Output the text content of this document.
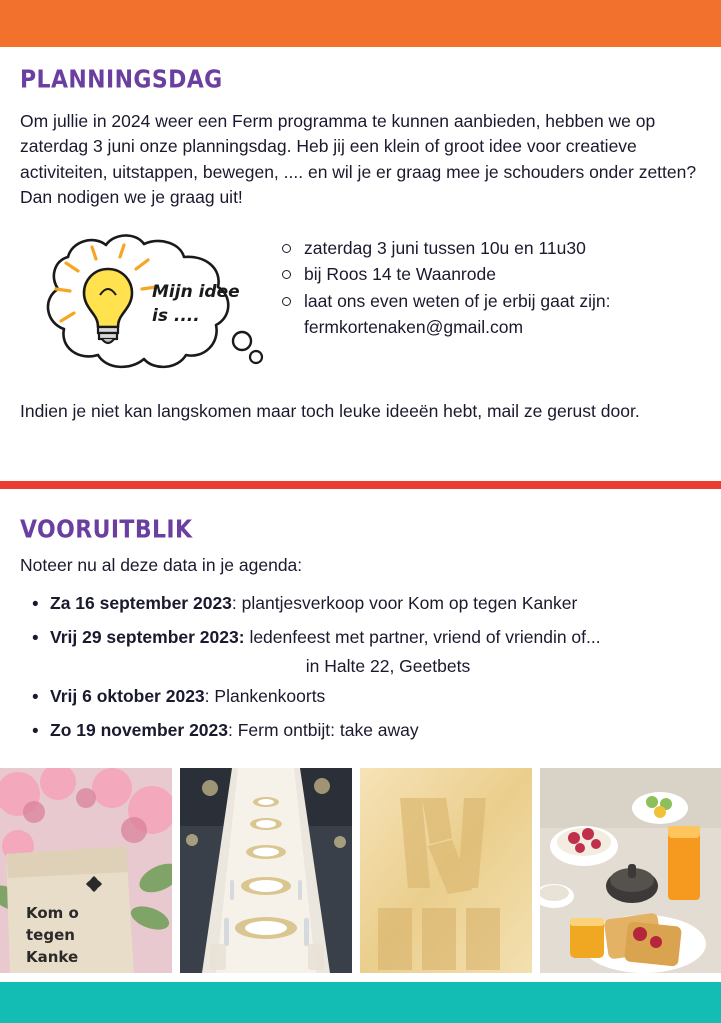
PLANNINGSDAG
Om jullie in 2024 weer een Ferm programma te kunnen aanbieden, hebben we op zaterdag 3 juni onze planningsdag. Heb jij een klein of groot idee voor creatieve activiteiten, uitstappen, bewegen, .... en wil je er graag mee je schouders onder zetten? Dan nodigen we je graag uit!
Mijn idee
is ....
zaterdag 3 juni tussen 10u en 11u30
bij Roos 14 te Waanrode
laat ons even weten of je erbij gaat zijn: fermkortenaken@gmail.com
Indien je niet kan langskomen maar toch leuke ideeën hebt, mail ze gerust door.
VOORUITBLIK
Noteer nu al deze data in je agenda:
• Za 16 september 2023: plantjesverkoop voor Kom op tegen Kanker
• Vrij 29 september 2023: ledenfeest met partner, vriend of vriendin of...
in Halte 22, Geetbets
• Vrij 6 oktober 2023: Plankenkoorts
• Zo 19 november 2023: Ferm ontbijt: take away
Kom o
tegen
Kanke
